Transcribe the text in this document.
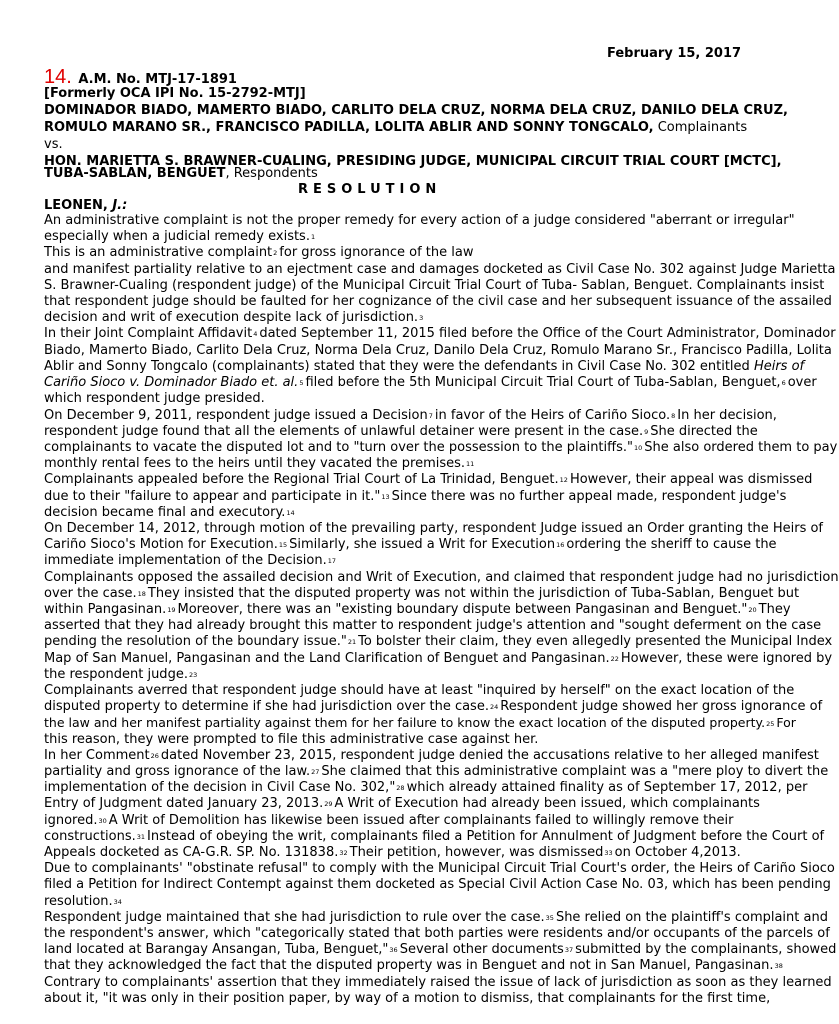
February 15, 2017
14. A.M. No. MTJ-17-1891
[Formerly OCA IPI No. 15-2792-MTJ]
DOMINADOR BIADO, MAMERTO BIADO, CARLITO DELA CRUZ, NORMA DELA CRUZ, DANILO DELA CRUZ,
ROMULO MARANO SR., FRANCISCO PADILLA, LOLITA ABLIR AND SONNY TONGCALO, Complainants
vs.
HON. MARIETTA S. BRAWNER-CUALING, PRESIDING JUDGE, MUNICIPAL CIRCUIT TRIAL COURT [MCTC],
TUBA-SABLAN, BENGUET, Respondents
RESOLUTION
LEONEN, J.:
An administrative complaint is not the proper remedy for every action of a judge considered "aberrant or irregular"
especially when a judicial remedy exists.1
This is an administrative complaint2 for gross ignorance of the law
and manifest partiality relative to an ejectment case and damages docketed as Civil Case No. 302 against Judge Marietta
S. Brawner-Cualing (respondent judge) of the Municipal Circuit Trial Court of Tuba- Sablan, Benguet. Complainants insist
that respondent judge should be faulted for her cognizance of the civil case and her subsequent issuance of the assailed
decision and writ of execution despite lack of jurisdiction.3
In their Joint Complaint Affidavit4 dated September 11, 2015 filed before the Office of the Court Administrator, Dominador
Biado, Mamerto Biado, Carlito Dela Cruz, Norma Dela Cruz, Danilo Dela Cruz, Romulo Marano Sr., Francisco Padilla, Lolita
Ablir and Sonny Tongcalo (complainants) stated that they were the defendants in Civil Case No. 302 entitled Heirs of
Cariño Sioco v. Dominador Biado et. al.5 filed before the 5th Municipal Circuit Trial Court of Tuba-Sablan, Benguet,6 over
which respondent judge presided.
On December 9, 2011, respondent judge issued a Decision7 in favor of the Heirs of Cariño Sioco.8 In her decision,
respondent judge found that all the elements of unlawful detainer were present in the case.9 She directed the
complainants to vacate the disputed lot and to "turn over the possession to the plaintiffs."10 She also ordered them to pay
monthly rental fees to the heirs until they vacated the premises.11
Complainants appealed before the Regional Trial Court of La Trinidad, Benguet.12 However, their appeal was dismissed
due to their "failure to appear and participate in it."13 Since there was no further appeal made, respondent judge's
decision became final and executory.14
On December 14, 2012, through motion of the prevailing party, respondent Judge issued an Order granting the Heirs of
Cariño Sioco's Motion for Execution.15 Similarly, she issued a Writ for Execution16 ordering the sheriff to cause the
immediate implementation of the Decision.17
Complainants opposed the assailed decision and Writ of Execution, and claimed that respondent judge had no jurisdiction
over the case.18 They insisted that the disputed property was not within the jurisdiction of Tuba-Sablan, Benguet but
within Pangasinan.19 Moreover, there was an "existing boundary dispute between Pangasinan and Benguet."20 They
asserted that they had already brought this matter to respondent judge's attention and "sought deferment on the case
pending the resolution of the boundary issue."21 To bolster their claim, they even allegedly presented the Municipal Index
Map of San Manuel, Pangasinan and the Land Clarification of Benguet and Pangasinan.22 However, these were ignored by
the respondent judge.23
Complainants averred that respondent judge should have at least "inquired by herself" on the exact location of the
disputed property to determine if she had jurisdiction over the case.24 Respondent judge showed her gross ignorance of
the law and her manifest partiality against them for her failure to know the exact location of the disputed property.25 For
this reason, they were prompted to file this administrative case against her.
In her Comment26 dated November 23, 2015, respondent judge denied the accusations relative to her alleged manifest
partiality and gross ignorance of the law.27 She claimed that this administrative complaint was a "mere ploy to divert the
implementation of the decision in Civil Case No. 302,"28 which already attained finality as of September 17, 2012, per
Entry of Judgment dated January 23, 2013.29 A Writ of Execution had already been issued, which complainants
ignored.30 A Writ of Demolition has likewise been issued after complainants failed to willingly remove their
constructions.31 Instead of obeying the writ, complainants filed a Petition for Annulment of Judgment before the Court of
Appeals docketed as CA-G.R. SP. No. 131838.32 Their petition, however, was dismissed33 on October 4,2013.
Due to complainants' "obstinate refusal" to comply with the Municipal Circuit Trial Court's order, the Heirs of Cariño Sioco
filed a Petition for Indirect Contempt against them docketed as Special Civil Action Case No. 03, which has been pending
resolution.34
Respondent judge maintained that she had jurisdiction to rule over the case.35 She relied on the plaintiff's complaint and
the respondent's answer, which "categorically stated that both parties were residents and/or occupants of the parcels of
land located at Barangay Ansangan, Tuba, Benguet,"36 Several other documents37 submitted by the complainants, showed
that they acknowledged the fact that the disputed property was in Benguet and not in San Manuel, Pangasinan.38
Contrary to complainants' assertion that they immediately raised the issue of lack of jurisdiction as soon as they learned
about it, "it was only in their position paper, by way of a motion to dismiss, that complainants for the first time,
